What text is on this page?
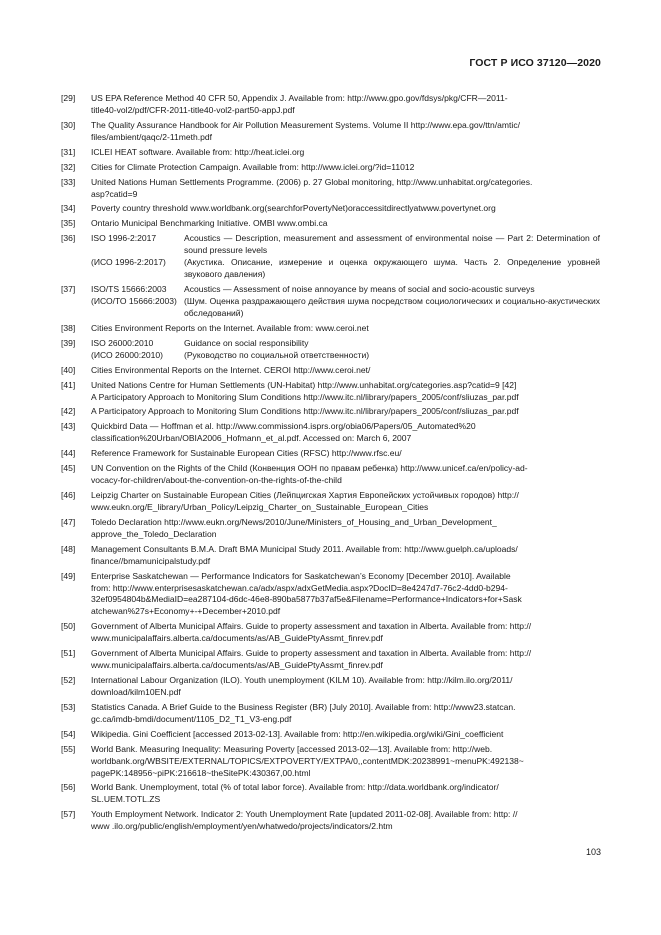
ГОСТ Р ИСО 37120—2020
[29]	US EPA Reference Method 40 CFR 50, Appendix J. Available from: http://www.gpo.gov/fdsys/pkg/CFR—2011-
title40-vol2/pdf/CFR-2011-title40-vol2-part50-appJ.pdf
[30]	The Quality Assurance Handbook for Air Pollution Measurement Systems. Volume II http://www.epa.gov/ttn/amtic/
files/ambient/qaqc/2-11meth.pdf
[31]	ICLEI HEAT software. Available from: http://heat.iclei.org
[32]	Cities for Climate Protection Campaign. Available from: http://www.iclei.org/?id=11012
[33]	United Nations Human Settlements Programme. (2006) p. 27 Global monitoring, http://www.unhabitat.org/categories.
asp?catid=9
[34]	Poverty country threshold www.worldbank.org(searchforPovertyNet)oraccessitdirectlyatwww.povertynet.org
[35]	Ontario Municipal Benchmarking Initiative. OMBI www.ombi.ca
[36]	ISO 1996-2:2017	Acoustics — Description, measurement and assessment of environmental noise — Part 2: Determination of sound pressure levels
(ИСО 1996-2:2017)	(Акустика. Описание, измерение и оценка окружающего шума. Часть 2. Определение уровней звукового давления)
[37]	ISO/TS 15666:2003	Acoustics — Assessment of noise annoyance by means of social and socio-acoustic surveys
(ИСО/ТО 15666:2003) (Шум. Оценка раздражающего действия шума посредством социологических и социально-акустических обследований)
[38]	Cities Environment Reports on the Internet. Available from: www.ceroi.net
[39]	ISO 26000:2010	Guidance on social responsibility
(ИСО 26000:2010)	(Руководство по социальной ответственности)
[40]	Cities Environmental Reports on the Internet. CEROI http://www.ceroi.net/
[41]	United Nations Centre for Human Settlements (UN-Habitat) http://www.unhabitat.org/categories.asp?catid=9 [42]
A Participatory Approach to Monitoring Slum Conditions http://www.itc.nl/library/papers_2005/conf/sliuzas_par.pdf
[42]	A Participatory Approach to Monitoring Slum Conditions http://www.itc.nl/library/papers_2005/conf/sliuzas_par.pdf
[43]	Quickbird Data — Hoffman et al. http://www.commission4.isprs.org/obia06/Papers/05_Automated%20
classification%20Urban/OBIA2006_Hofmann_et_al.pdf. Accessed on: March 6, 2007
[44]	Reference Framework for Sustainable European Cities (RFSC) http://www.rfsc.eu/
[45]	UN Convention on the Rights of the Child (Конвенция ООН по правам ребенка) http://www.unicef.ca/en/policy-ad-
vocacy-for-children/about-the-convention-on-the-rights-of-the-child
[46]	Leipzig Charter on Sustainable European Cities (Лейпцигская Хартия Европейских устойчивых городов) http://
www.eukn.org/E_library/Urban_Policy/Leipzig_Charter_on_Sustainable_European_Cities
[47]	Toledo Declaration http://www.eukn.org/News/2010/June/Ministers_of_Housing_and_Urban_Development_
approve_the_Toledo_Declaration
[48]	Management Consultants B.M.A. Draft BMA Municipal Study 2011. Available from: http://www.guelph.ca/uploads/
finance//bmamunicipalstudy.pdf
[49]	Enterprise Saskatchewan — Performance Indicators for Saskatchewan’s Economy [December 2010]. Available
from: http://www.enterprisesaskatchewan.ca/adx/aspx/adxGetMedia.aspx?DocID=8e4247d7-76c2-4dd0-b294-
32ef0954804b&MediaID=ea287104-d6dc-46e8-890ba5877b37af5e&Filename=Performance+Indicators+for+Sask
atchewan%27s+Economy+-+December+2010.pdf
[50]	Government of Alberta Municipal Affairs. Guide to property assessment and taxation in Alberta. Available from: http://
www.municipalaffairs.alberta.ca/documents/as/AB_GuidePtyAssmt_finrev.pdf
[51]	Government of Alberta Municipal Affairs. Guide to property assessment and taxation in Alberta. Available from: http://
www.municipalaffairs.alberta.ca/documents/as/AB_GuidePtyAssmt_finrev.pdf
[52]	International Labour Organization (ILO). Youth unemployment (KILM 10). Available from: http://kilm.ilo.org/2011/
download/kilm10EN.pdf
[53]	Statistics Canada. A Brief Guide to the Business Register (BR) [July 2010]. Available from: http://www23.statcan.
gc.ca/imdb-bmdi/document/1105_D2_T1_V3-eng.pdf
[54]	Wikipedia. Gini Coefficient [accessed 2013-02-13]. Available from: http://en.wikipedia.org/wiki/Gini_coefficient
[55]	World Bank. Measuring Inequality: Measuring Poverty [accessed 2013-02—13]. Available from: http://web.
worldbank.org/WBSITE/EXTERNAL/TOPICS/EXTPOVERTY/EXTPA/0,,contentMDK:20238991~menuPK:492138~
pagePK:148956~piPK:216618~theSitePK:430367,00.html
[56]	World Bank. Unemployment, total (% of total labor force). Available from: http://data.worldbank.org/indicator/
SL.UEM.TOTL.ZS
[57]	Youth Employment Network. Indicator 2: Youth Unemployment Rate [updated 2011-02-08]. Available from: http: //
www .ilo.org/public/english/employment/yen/whatwedo/projects/indicators/2.htm
103
